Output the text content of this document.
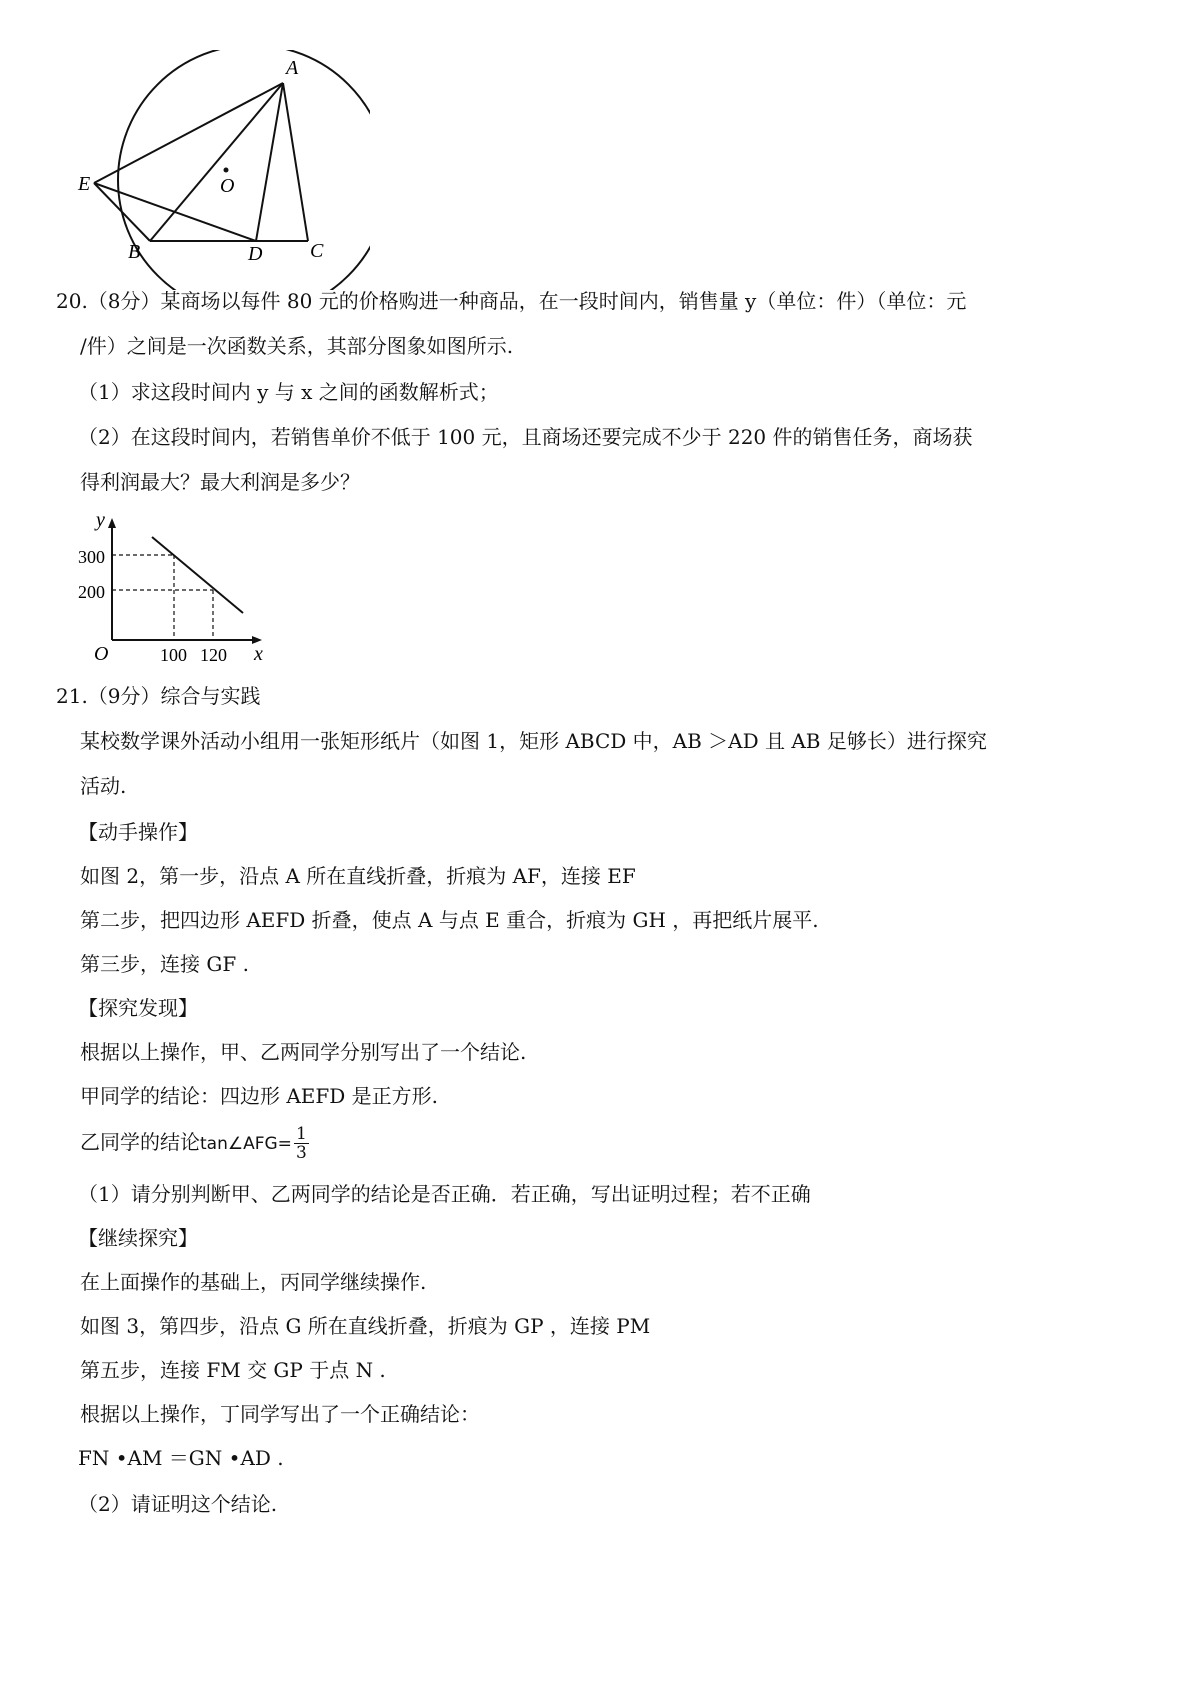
A
E	O
B	D C
20.（8分）某商场以每件 80 元的价格购进一种商品，在一段时间内，销售量 y（单位：件）（单位：元
/件）之间是一次函数关系，其部分图象如图所示.
（1）求这段时间内 y 与 x 之间的函数解析式；
（2）在这段时间内，若销售单价不低于 100 元，且商场还要完成不少于 220 件的销售任务，商场获
得利润最大？最大利润是多少？
y
x
O
300
200
100 120
21.（9分）综合与实践
某校数学课外活动小组用一张矩形纸片（如图 1，矩形 ABCD 中，AB ＞AD 且 AB 足够长）进行探究
活动.
【动手操作】
如图 2，第一步，沿点 A 所在直线折叠，折痕为 AF，连接 EF
第二步，把四边形 AEFD 折叠，使点 A 与点 E 重合，折痕为 GH ，再把纸片展平.
第三步，连接 GF .
【探究发现】
根据以上操作，甲、乙两同学分别写出了一个结论.
甲同学的结论：四边形 AEFD 是正方形.
乙同学的结论tan∠AFG= $\frac{1}{3}$
（1）请分别判断甲、乙两同学的结论是否正确．若正确，写出证明过程；若不正确
【继续探究】
在上面操作的基础上，丙同学继续操作.
如图 3，第四步，沿点 G 所在直线折叠，折痕为 GP ，连接 PM
第五步，连接 FM 交 GP 于点 N .
根据以上操作，丁同学写出了一个正确结论：
FN •AM ＝GN •AD .
（2）请证明这个结论.
